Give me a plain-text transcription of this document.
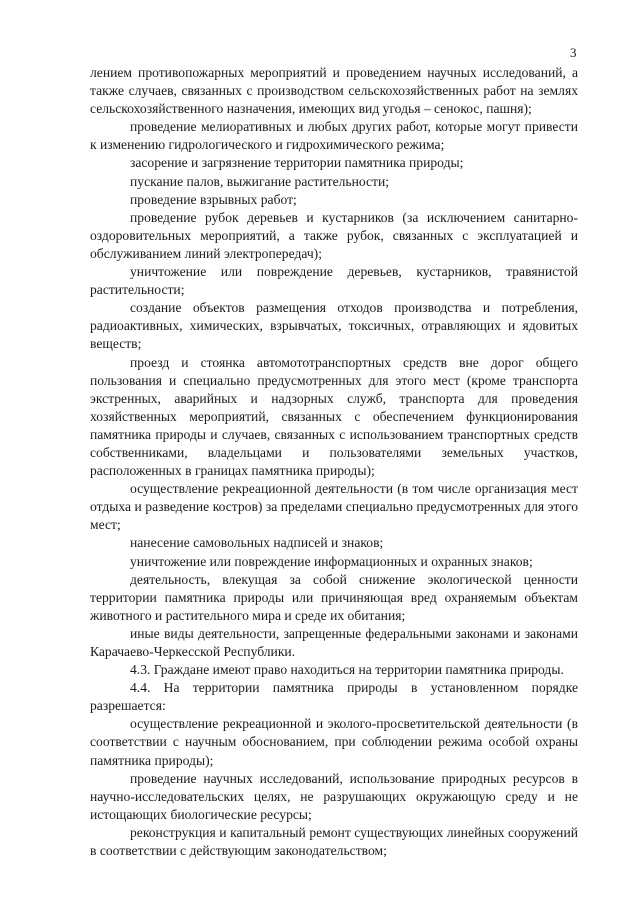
3

лением противопожарных мероприятий и проведением научных исследований, а также случаев, связанных с производством сельскохозяйственных работ на землях сельскохозяйственного назначения, имеющих вид угодья – сенокос, пашня);

проведение мелиоративных и любых других работ, которые могут привести к изменению гидрологического и гидрохимического режима;

засорение и загрязнение территории памятника природы;

пускание палов, выжигание растительности;

проведение взрывных работ;

проведение рубок деревьев и кустарников (за исключением санитарно-оздоровительных мероприятий, а также рубок, связанных с эксплуатацией и обслуживанием линий электропередач);

уничтожение или повреждение деревьев, кустарников, травянистой растительности;

создание объектов размещения отходов производства и потребления, радиоактивных, химических, взрывчатых, токсичных, отравляющих и ядовитых веществ;

проезд и стоянка автомототранспортных средств вне дорог общего пользования и специально предусмотренных для этого мест (кроме транспорта экстренных, аварийных и надзорных служб, транспорта для проведения хозяйственных мероприятий, связанных с обеспечением функционирования памятника природы и случаев, связанных с использованием транспортных средств собственниками, владельцами и пользователями земельных участков, расположенных в границах памятника природы);

осуществление рекреационной деятельности (в том числе организация мест отдыха и разведение костров) за пределами специально предусмотренных для этого мест;

нанесение самовольных надписей и знаков;

уничтожение или повреждение информационных и охранных знаков;

деятельность, влекущая за собой снижение экологической ценности территории памятника природы или причиняющая вред охраняемым объектам животного и растительного мира и среде их обитания;

иные виды деятельности, запрещенные федеральными законами и законами Карачаево-Черкесской Республики.

4.3. Граждане имеют право находиться на территории памятника природы.

4.4. На территории памятника природы в установленном порядке разрешается:

осуществление рекреационной и эколого-просветительской деятельности (в соответствии с научным обоснованием, при соблюдении режима особой охраны памятника природы);

проведение научных исследований, использование природных ресурсов в научно-исследовательских целях, не разрушающих окружающую среду и не истощающих биологические ресурсы;

реконструкция и капитальный ремонт существующих линейных сооружений в соответствии с действующим законодательством;
